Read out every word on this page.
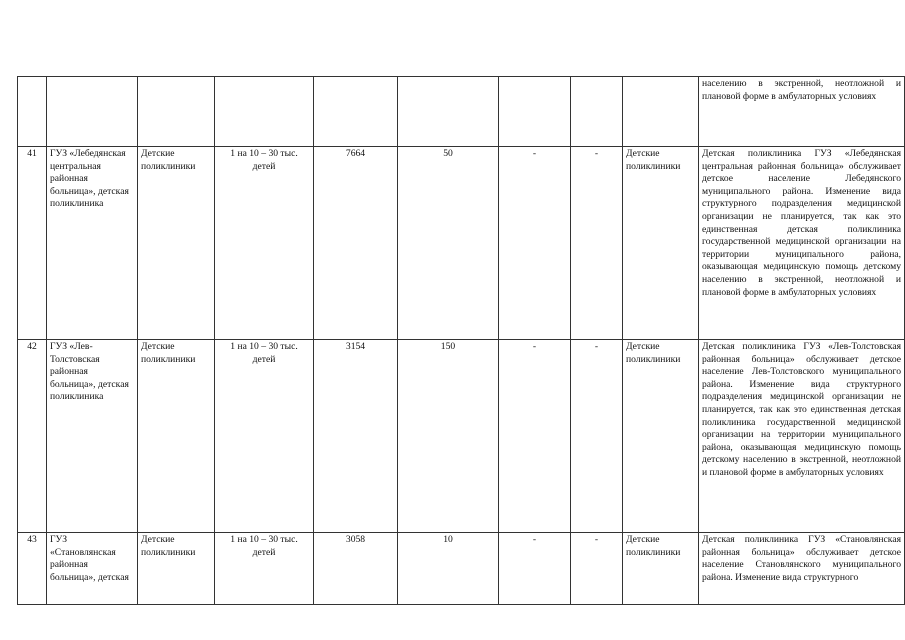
									населению в экстренной, неотложной и плановой форме в амбулаторных условиях
41	ГУЗ «Лебедянская центральная районная больница», детская поликлиника	Детские поликлиники	1 на 10 – 30 тыс. детей	7664	50	-	-	Детские поликлиники	Детская поликлиника ГУЗ «Лебедянская центральная районная больница» обслуживает детское население Лебедянского муниципального района. Изменение вида структурного подразделения медицинской организации не планируется, так как это единственная детская поликлиника государственной медицинской организации на территории муниципального района, оказывающая медицинскую помощь детскому населению в экстренной, неотложной и плановой форме в амбулаторных условиях
42	ГУЗ «Лев-Толстовская районная больница», детская поликлиника	Детские поликлиники	1 на 10 – 30 тыс. детей	3154	150	-	-	Детские поликлиники	Детская поликлиника ГУЗ «Лев-Толстовская районная больница» обслуживает детское население Лев-Толстовского муниципального района. Изменение вида структурного подразделения медицинской организации не планируется, так как это единственная детская поликлиника государственной медицинской организации на территории муниципального района, оказывающая медицинскую помощь детскому населению в экстренной, неотложной и плановой форме в амбулаторных условиях
43	ГУЗ «Становлянская районная больница», детская	Детские поликлиники	1 на 10 – 30 тыс. детей	3058	10	-	-	Детские поликлиники	Детская поликлиника ГУЗ «Становлянская районная больница» обслуживает детское население Становлянского муниципального района. Изменение вида структурного
